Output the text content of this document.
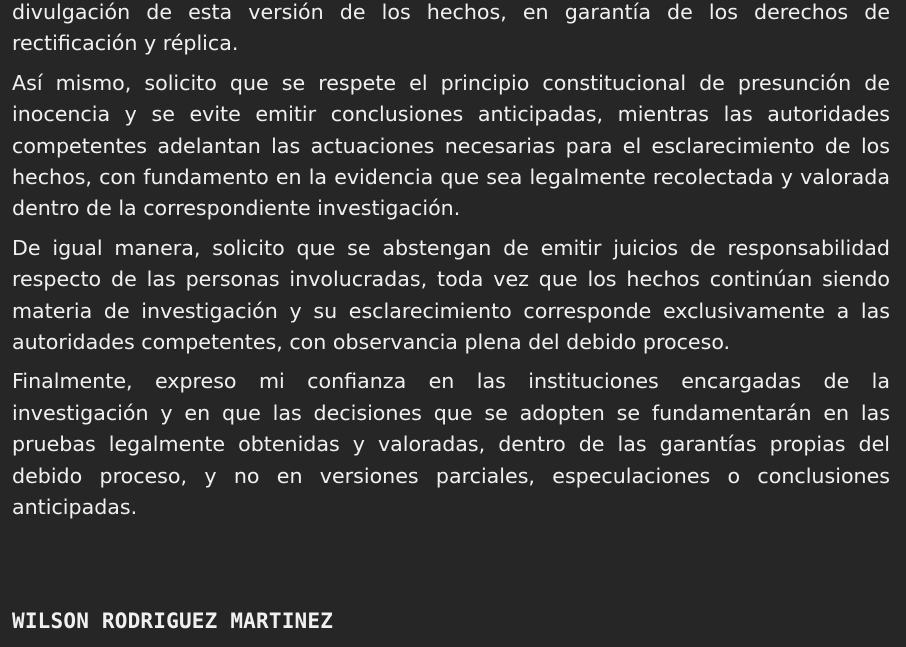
divulgación de esta versión de los hechos, en garantía de los derechos de rectificación y réplica.

Así mismo, solicito que se respete el principio constitucional de presunción de inocencia y se evite emitir conclusiones anticipadas, mientras las autoridades competentes adelantan las actuaciones necesarias para el esclarecimiento de los hechos, con fundamento en la evidencia que sea legalmente recolectada y valorada dentro de la correspondiente investigación.

De igual manera, solicito que se abstengan de emitir juicios de responsabilidad respecto de las personas involucradas, toda vez que los hechos continúan siendo materia de investigación y su esclarecimiento corresponde exclusivamente a las autoridades competentes, con observancia plena del debido proceso.

Finalmente, expreso mi confianza en las instituciones encargadas de la investigación y en que las decisiones que se adopten se fundamentarán en las pruebas legalmente obtenidas y valoradas, dentro de las garantías propias del debido proceso, y no en versiones parciales, especulaciones o conclusiones anticipadas.

WILSON RODRIGUEZ MARTINEZ
